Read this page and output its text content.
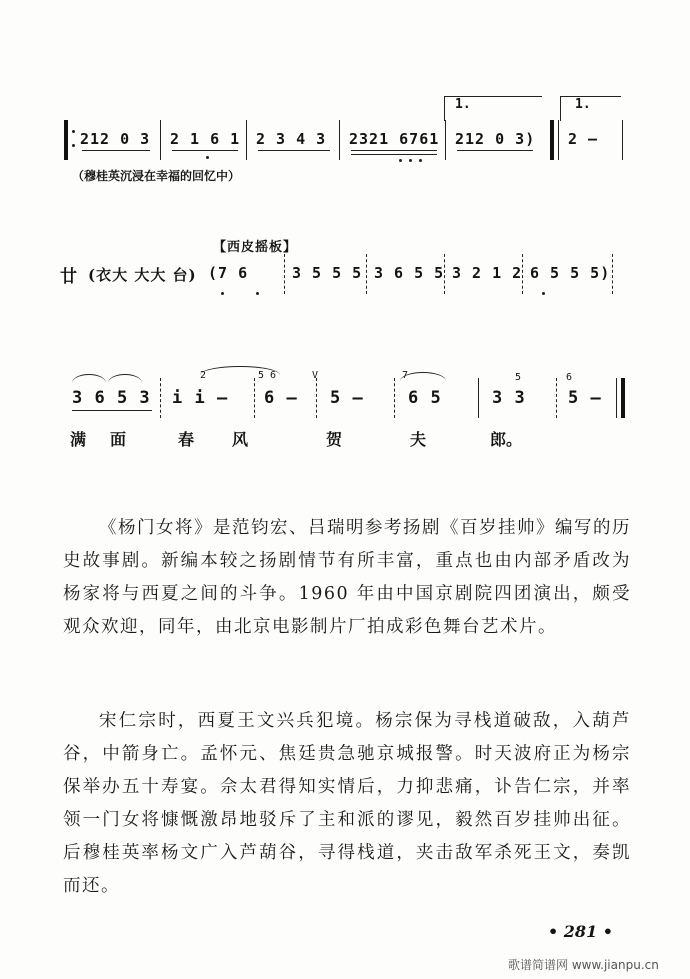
1.	1.
212 0 3 2 1 6 1 2 3 4 3 2321 6761 212 0 3) 2 –
（穆桂英沉浸在幸福的回忆中）
【西皮摇板】
廿 (衣大 大大 台) (7 6	3 5 5 5 3 6 5 5 3 2 1 2 6 5 5 5)
2	5 6	V	7	5	6
3 6 5 3 i i – 6 – 5 –	6 5	3 3 5 –
满 面	春 风	贺	夫	郎。

《杨门女将》是范钧宏、吕瑞明参考扬剧《百岁挂帅》编写的历史故事剧。新编本较之扬剧情节有所丰富，重点也由内部矛盾改为杨家将与西夏之间的斗争。1960 年由中国京剧院四团演出，颇受观众欢迎，同年，由北京电影制片厂拍成彩色舞台艺术片。

宋仁宗时，西夏王文兴兵犯境。杨宗保为寻栈道破敌，入葫芦谷，中箭身亡。孟怀元、焦廷贵急驰京城报警。时天波府正为杨宗保举办五十寿宴。佘太君得知实情后，力抑悲痛，讣告仁宗，并率领一门女将慷慨激昂地驳斥了主和派的谬见，毅然百岁挂帅出征。后穆桂英率杨文广入芦葫谷，寻得栈道，夹击敌军杀死王文，奏凯而还。

• 281 •
歌谱简谱网 www.jianpu.cn
